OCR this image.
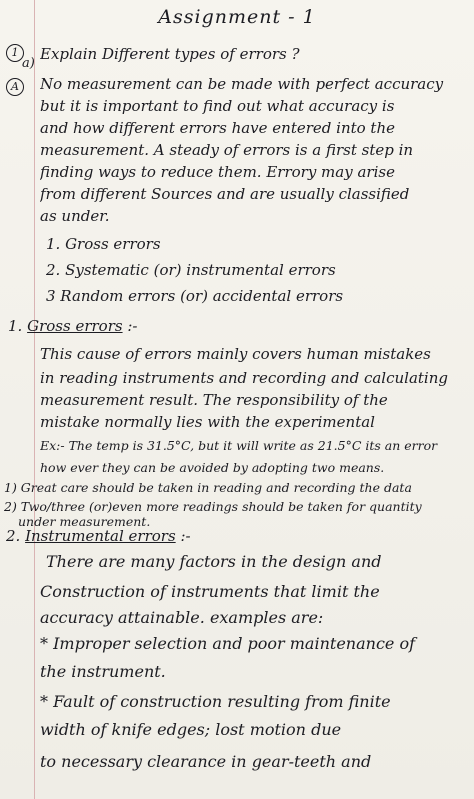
Assignment - 1
1
a)
Explain Different types of errors ?
A	No measurement can be made with perfect accuracy
but it is important to find out what accuracy is
and how different errors have entered into the
measurement. A steady of errors is a first step in
finding ways to reduce them. Errory may arise
from different Sources and are usually classified
as under.
1. Gross errors
2. Systematic (or) instrumental errors
3 Random errors (or) accidental errors
1. Gross errors :-
This cause of errors mainly covers human mistakes
in reading instruments and recording and calculating
measurement result. The responsibility of the
mistake normally lies with the experimental
Ex:- The temp is 31.5°C, but it will write as 21.5°C its an error
how ever they can be avoided by adopting two means.
1) Great care should be taken in reading and recording the data
2) Two/three (or)even more readings should be taken for quantity
under measurement.
2. Instrumental errors :-
There are many factors in the design and
Construction of instruments that limit the
accuracy attainable. examples are:
* Improper selection and poor maintenance of
the instrument.
* Fault of construction resulting from finite
width of knife edges; lost motion due
to necessary clearance in gear-teeth and
